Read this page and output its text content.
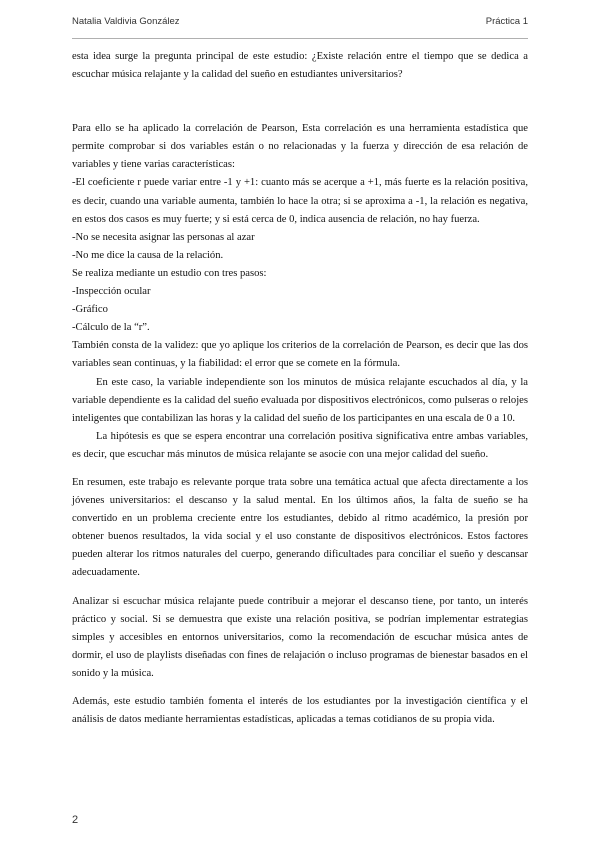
Natalia Valdivia González	Práctica 1

esta idea surge la pregunta principal de este estudio: ¿Existe relación entre el tiempo que se dedica a escuchar música relajante y la calidad del sueño en estudiantes universitarios?

Para ello se ha aplicado la correlación de Pearson, Esta correlación es una herramienta estadística que permite comprobar si dos variables están o no relacionadas y la fuerza y dirección de esa relación de variables y tiene varias características:

-El coeficiente r puede variar entre -1 y +1: cuanto más se acerque a +1, más fuerte es la relación positiva, es decir, cuando una variable aumenta, también lo hace la otra; si se aproxima a -1, la relación es negativa, en estos dos casos es muy fuerte; y si está cerca de 0, indica ausencia de relación, no hay fuerza.

-No se necesita asignar las personas al azar

-No me dice la causa de la relación.

Se realiza mediante un estudio con tres pasos:

-Inspección ocular

-Gráfico

-Cálculo de la “r”.

También consta de la validez: que yo aplique los criterios de la correlación de Pearson, es decir que las dos variables sean continuas, y la fiabilidad: el error que se comete en la fórmula.

En este caso, la variable independiente son los minutos de música relajante escuchados al día, y la variable dependiente es la calidad del sueño evaluada por dispositivos electrónicos, como pulseras o relojes inteligentes que contabilizan las horas y la calidad del sueño de los participantes en una escala de 0 a 10.

La hipótesis es que se espera encontrar una correlación positiva significativa entre ambas variables, es decir, que escuchar más minutos de música relajante se asocie con una mejor calidad del sueño.

En resumen, este trabajo es relevante porque trata sobre una temática actual que afecta directamente a los jóvenes universitarios: el descanso y la salud mental. En los últimos años, la falta de sueño se ha convertido en un problema creciente entre los estudiantes, debido al ritmo académico, la presión por obtener buenos resultados, la vida social y el uso constante de dispositivos electrónicos. Estos factores pueden alterar los ritmos naturales del cuerpo, generando dificultades para conciliar el sueño y descansar adecuadamente.

Analizar si escuchar música relajante puede contribuir a mejorar el descanso tiene, por tanto, un interés práctico y social. Si se demuestra que existe una relación positiva, se podrían implementar estrategias simples y accesibles en entornos universitarios, como la recomendación de escuchar música antes de dormir, el uso de playlists diseñadas con fines de relajación o incluso programas de bienestar basados en el sonido y la música.

Además, este estudio también fomenta el interés de los estudiantes por la investigación científica y el análisis de datos mediante herramientas estadísticas, aplicadas a temas cotidianos de su propia vida.

2
